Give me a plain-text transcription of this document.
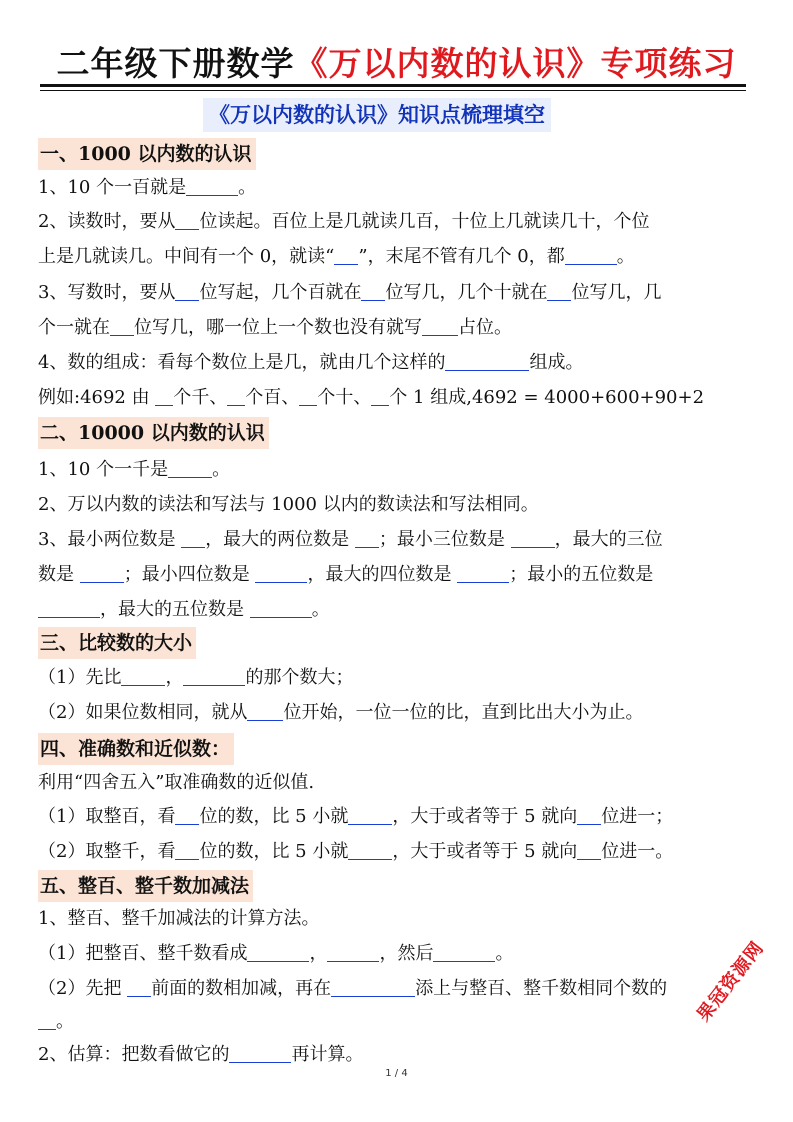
二年级下册数学《万以内数的认识》专项练习
《万以内数的认识》知识点梳理填空
一、1000 以内数的认识
1、10 个一百就是	。
2、读数时，要从 位读起。百位上是几就读几百，十位上几就读几十，个位
上是几就读几。中间有一个 0，就读“ ”，末尾不管有几个 0，都	。
3、写数时，要从 位写起，几个百就在 位写几，几个十就在 位写几，几
个一就在 位写几，哪一位上一个数也没有就写 占位。
4、数的组成：看每个数位上是几，就由几个这样的	组成。
例如:4692 由 个千、 个百、 个十、 个 1 组成,4692 = 4000+600+90+2
二、10000 以内数的认识
1、10 个一千是 。
2、万以内数的读法和写法与 1000 以内的数读法和写法相同。
3、最小两位数是 ，最大的两位数是 ；最小三位数是 ，最大的三位
数是 ；最小四位数是	，最大的四位数是	；最小的五位数是
，最大的五位数是	。
三、比较数的大小
（1）先比 ，	的那个数大；
（2）如果位数相同，就从 位开始，一位一位的比，直到比出大小为止。
四、准确数和近似数：
利用“四舍五入”取准确数的近似值.
（1）取整百，看 位的数，比 5 小就 ，大于或者等于 5 就向 位进一；
（2）取整千，看 位的数，比 5 小就 ，大于或者等于 5 就向 位进一。
五、整百、整千数加减法
1、整百、整千加减法的计算方法。
（1）把整百、整千数看成	，	，然后	。
（2）先把 前面的数相加减，再在	添上与整百、整千数相同个数的
。
2、估算：把数看做它的	再计算。
1 / 4
果冠资源网
